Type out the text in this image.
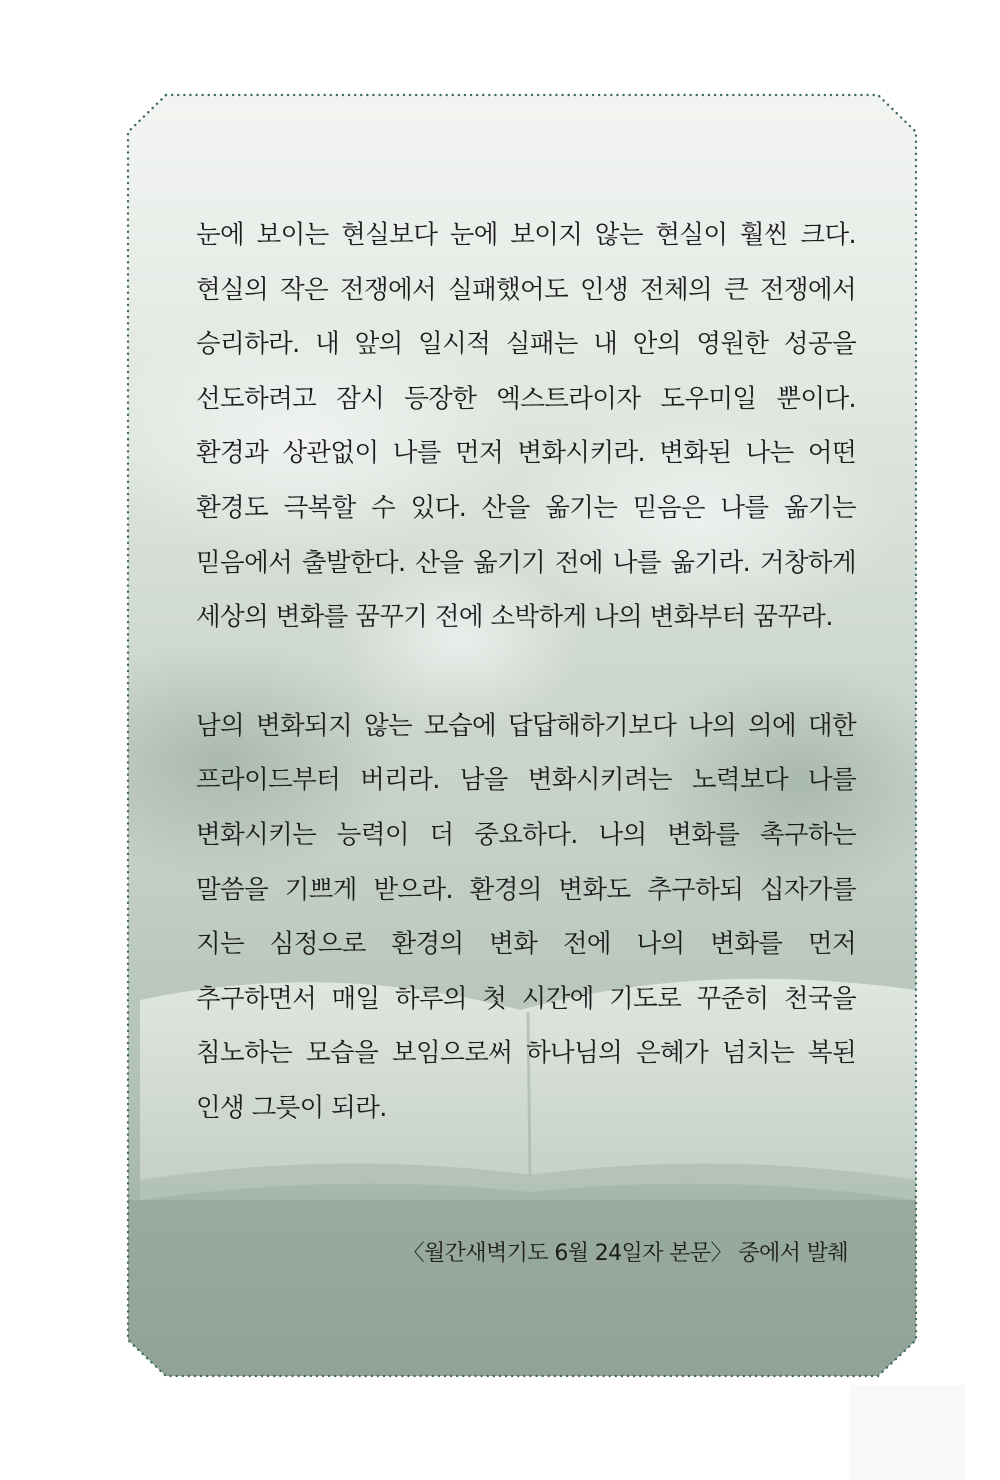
눈에 보이는 현실보다 눈에 보이지 않는 현실이 훨씬 크다. 현실의 작은 전쟁에서 실패했어도 인생 전체의 큰 전쟁에서 승리하라. 내 앞의 일시적 실패는 내 안의 영원한 성공을 선도하려고 잠시 등장한 엑스트라이자 도우미일 뿐이다. 환경과 상관없이 나를 먼저 변화시키라. 변화된 나는 어떤 환경도 극복할 수 있다. 산을 옮기는 믿음은 나를 옮기는 믿음에서 출발한다. 산을 옮기기 전에 나를 옮기라. 거창하게 세상의 변화를 꿈꾸기 전에 소박하게 나의 변화부터 꿈꾸라.

남의 변화되지 않는 모습에 답답해하기보다 나의 의에 대한 프라이드부터 버리라. 남을 변화시키려는 노력보다 나를 변화시키는 능력이 더 중요하다. 나의 변화를 촉구하는 말씀을 기쁘게 받으라. 환경의 변화도 추구하되 십자가를 지는 심정으로 환경의 변화 전에 나의 변화를 먼저 추구하면서 매일 하루의 첫 시간에 기도로 꾸준히 천국을 침노하는 모습을 보임으로써 하나님의 은혜가 넘치는 복된 인생 그릇이 되라.

〈월간새벽기도 6월 24일자 본문〉 중에서 발췌
